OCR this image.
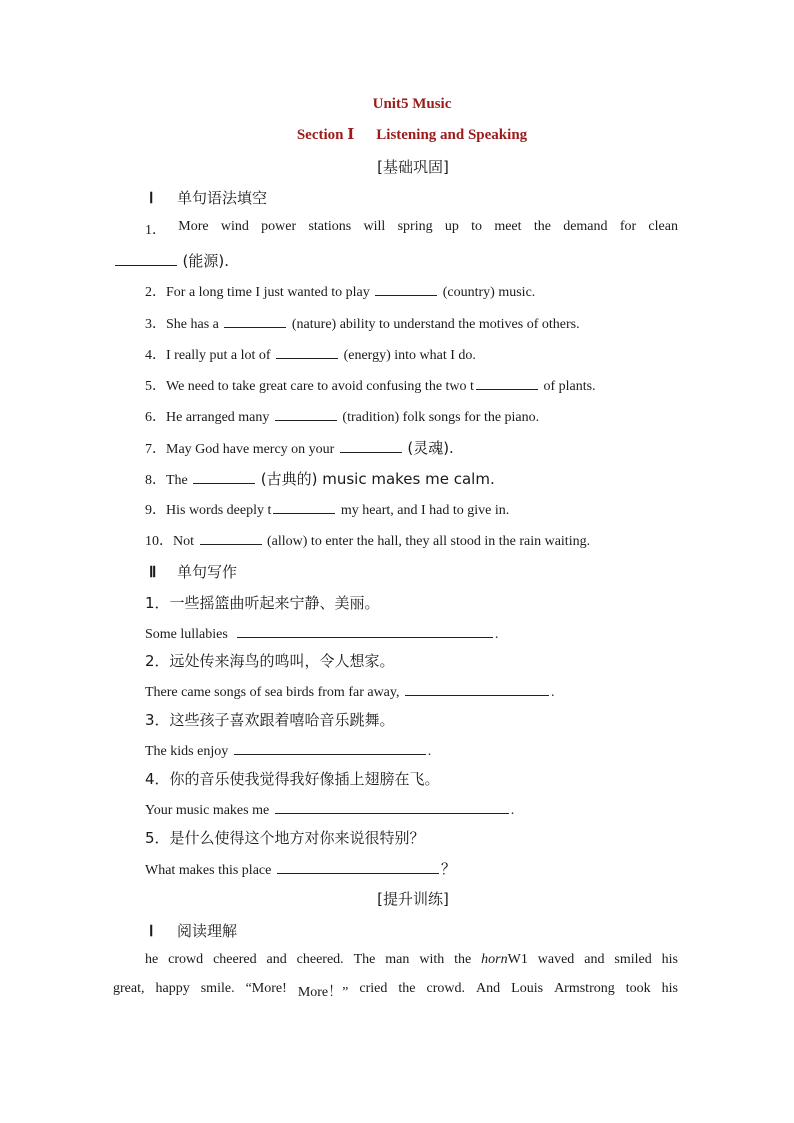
Unit5 Music
Section Ⅰ Listening and Speaking
[基础巩固]
Ⅰ 单句语法填空
1． More wind power stations will spring up to meet the demand for clean
(能源).
2．For a long time I just wanted to play	(country) music.
3．She has a	(nature) ability to understand the motives of others.
4．I really put a lot of	(energy) into what I do.
5．We need to take great care to avoid confusing the two t	of plants.
6．He arranged many	(tradition) folk songs for the piano.
7．May God have mercy on your	(灵魂).
8．The	(古典的) music makes me calm.
9．His words deeply t	my heart, and I had to give in.
10．Not	(allow) to enter the hall, they all stood in the rain waiting.
Ⅱ 单句写作
1．一些摇篮曲听起来宁静、美丽。
Some lullabies	.
2．远处传来海鸟的鸣叫，令人想家。
There came songs of sea birds from far away,	.
3．这些孩子喜欢跟着嘻哈音乐跳舞。
The kids enjoy	.
4．你的音乐使我觉得我好像插上翅膀在飞。
Your music makes me	.
5．是什么使得这个地方对你来说很特别？
What makes this place	？
[提升训练]
Ⅰ 阅读理解
he crowd cheered and cheered. The man with the hornW1 waved and smiled his
great, happy smile. “More! More！” cried the crowd. And Louis Armstrong took his
